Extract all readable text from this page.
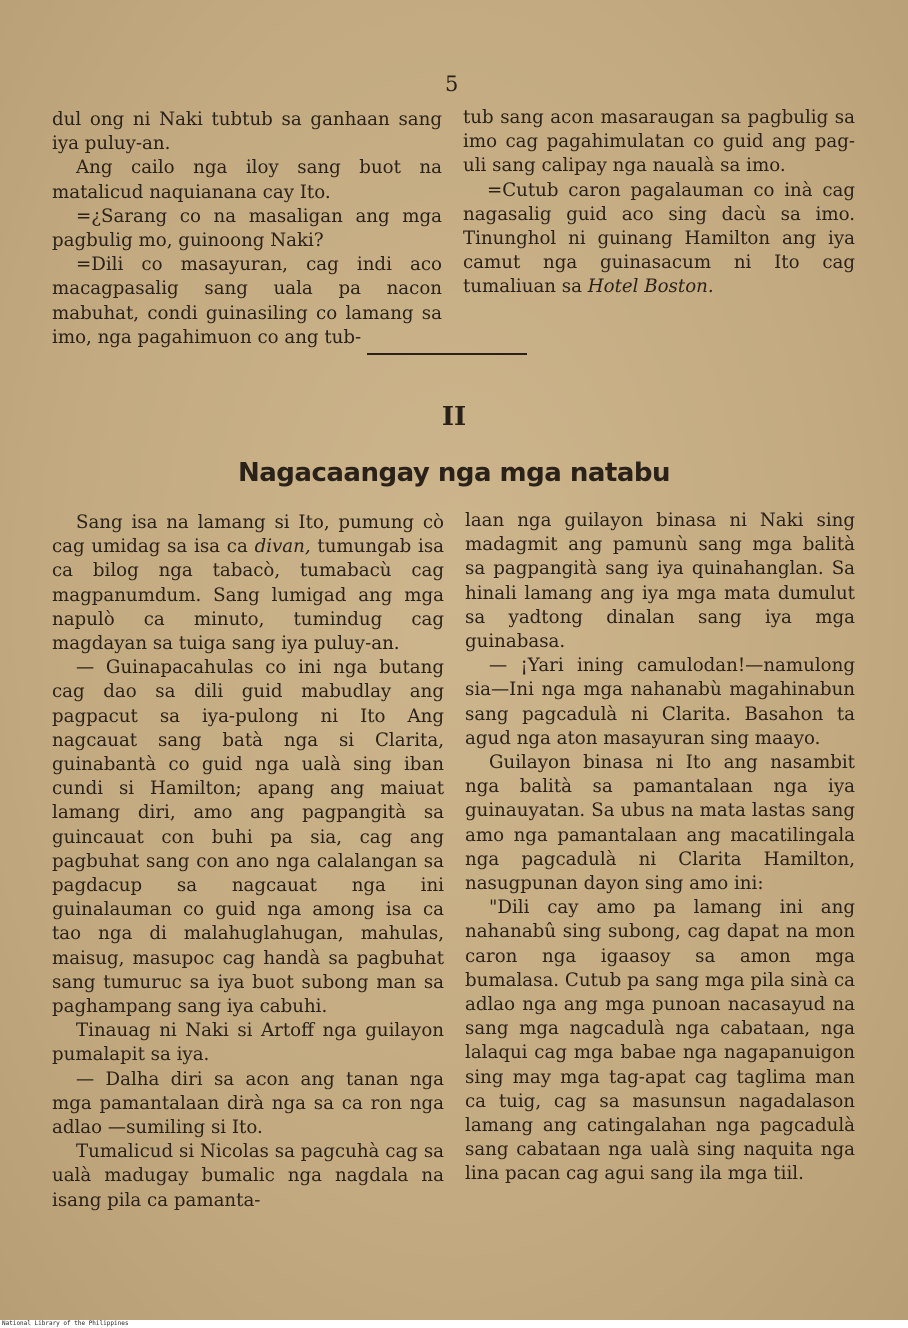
5

dul ong ni Naki tubtub sa ganhaan sang iya puluy-an.

Ang cailo nga iloy sang buot na matalicud naquianana cay Ito.

=¿Sarang co na masaligan ang mga pagbulig mo, guinoong Naki?

=Dili co masayuran, cag indi aco macagpasalig sang uala pa nacon mabuhat, condi guinasiling co lamang sa imo, nga pagahimuon co ang tub-

tub sang acon masaraugan sa pagbulig sa imo cag pagahimulatan co guid ang pag-uli sang calipay nga naualà sa imo.

=Cutub caron pagalauman co inà cag nagasalig guid aco sing dacù sa imo. Tinunghol ni guinang Hamilton ang iya camut nga guinasacum ni Ito cag tumaliuan sa Hotel Boston.

II
Nagacaangay nga mga natabu

Sang isa na lamang si Ito, pumung cò cag umidag sa isa ca divan, tumungab isa ca bilog nga tabacò, tumabacù cag magpanumdum. Sang lumigad ang mga napulò ca minuto, tumindug cag magdayan sa tuiga sang iya puluy-an.

— Guinapacahulas co ini nga butang cag dao sa dili guid mabudlay ang pagpacut sa iya-pulong ni Ito Ang nagcauat sang batà nga si Clarita, guinabantà co guid nga ualà sing iban cundi si Hamilton; apang ang maiuat lamang diri, amo ang pagpangità sa guincauat con buhi pa sia, cag ang pagbuhat sang con ano nga calalangan sa pagdacup sa nagcauat nga ini guinalauman co guid nga among isa ca tao nga di malahuglahugan, mahulas, maisug, masupoc cag handà sa pagbuhat sang tumuruc sa iya buot subong man sa paghampang sang iya cabuhi.

Tinauag ni Naki si Artoff nga guilayon pumalapit sa iya.

— Dalha diri sa acon ang tanan nga mga pamantalaan dirà nga sa ca ron nga adlao —sumiling si Ito.

Tumalicud si Nicolas sa pagcuhà cag sa ualà madugay bumalic nga nagdala na isang pila ca pamanta-

laan nga guilayon binasa ni Naki sing madagmit ang pamunù sang mga balità sa pagpangità sang iya quinahanglan. Sa hinali lamang ang iya mga mata dumulut sa yadtong dinalan sang iya mga guinabasa.

— ¡Yari ining camulodan!—namulong sia—Ini nga mga nahanabù magahinabun sang pagcadulà ni Clarita. Basahon ta agud nga aton masayuran sing maayo.

Guilayon binasa ni Ito ang nasambit nga balità sa pamantalaan nga iya guinauyatan. Sa ubus na mata lastas sang amo nga pamantalaan ang macatilingala nga pagcadulà ni Clarita Hamilton, nasugpunan dayon sing amo ini:

"Dili cay amo pa lamang ini ang nahanabû sing subong, cag dapat na mon caron nga igaasoy sa amon mga bumalasa. Cutub pa sang mga pila sinà ca adlao nga ang mga punoan nacasayud na sang mga nagcadulà nga cabataan, nga lalaqui cag mga babae nga nagapanuigon sing may mga tag-apat cag taglima man ca tuig, cag sa masunsun nagadalason lamang ang catingalahan nga pagcadulà sang cabataan nga ualà sing naquita nga lina pacan cag agui sang ila mga tiil.

National Library of the Philippines
